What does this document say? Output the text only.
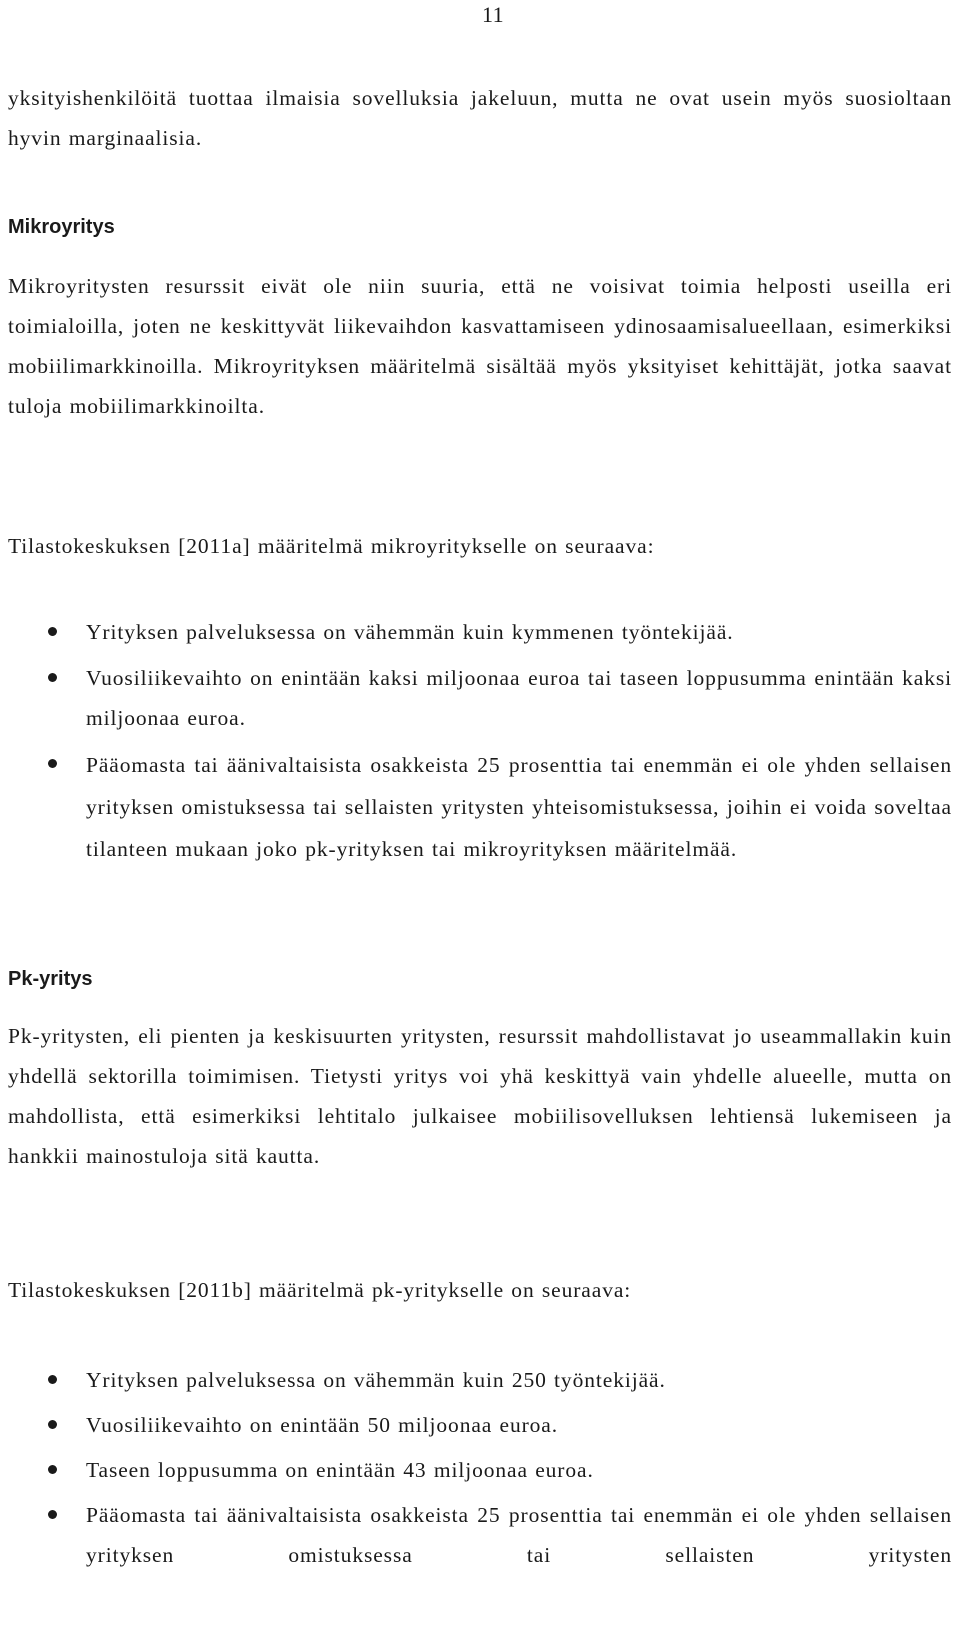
11

yksityishenkilöitä tuottaa ilmaisia sovelluksia jakeluun, mutta ne ovat usein myös suosioltaan hyvin marginaalisia.

Mikroyritys

Mikroyritysten resurssit eivät ole niin suuria, että ne voisivat toimia helposti useilla eri toimialoilla, joten ne keskittyvät liikevaihdon kasvattamiseen ydinosaamisalueellaan, esimerkiksi mobiilimarkkinoilla. Mikroyrityksen määritelmä sisältää myös yksityiset kehittäjät, jotka saavat tuloja mobiilimarkkinoilta.

Tilastokeskuksen [2011a] määritelmä mikroyritykselle on seuraava:

Yrityksen palveluksessa on vähemmän kuin kymmenen työntekijää.
Vuosiliikevaihto on enintään kaksi miljoonaa euroa tai taseen loppusumma enintään kaksi miljoonaa euroa.
Pääomasta tai äänivaltaisista osakkeista 25 prosenttia tai enemmän ei ole yhden sellaisen yrityksen omistuksessa tai sellaisten yritysten yhteisomistuksessa, joihin ei voida soveltaa tilanteen mukaan joko pk-yrityksen tai mikroyrityksen määritelmää.
Pk-yritys

Pk-yritysten, eli pienten ja keskisuurten yritysten, resurssit mahdollistavat jo useammallakin kuin yhdellä sektorilla toimimisen. Tietysti yritys voi yhä keskittyä vain yhdelle alueelle, mutta on mahdollista, että esimerkiksi lehtitalo julkaisee mobiilisovelluksen lehtiensä lukemiseen ja hankkii mainostuloja sitä kautta.

Tilastokeskuksen [2011b] määritelmä pk-yritykselle on seuraava:

Yrityksen palveluksessa on vähemmän kuin 250 työntekijää.
Vuosiliikevaihto on enintään 50 miljoonaa euroa.
Taseen loppusumma on enintään 43 miljoonaa euroa.
Pääomasta tai äänivaltaisista osakkeista 25 prosenttia tai enemmän ei ole yhden sellaisen yrityksen omistuksessa tai sellaisten yritysten
